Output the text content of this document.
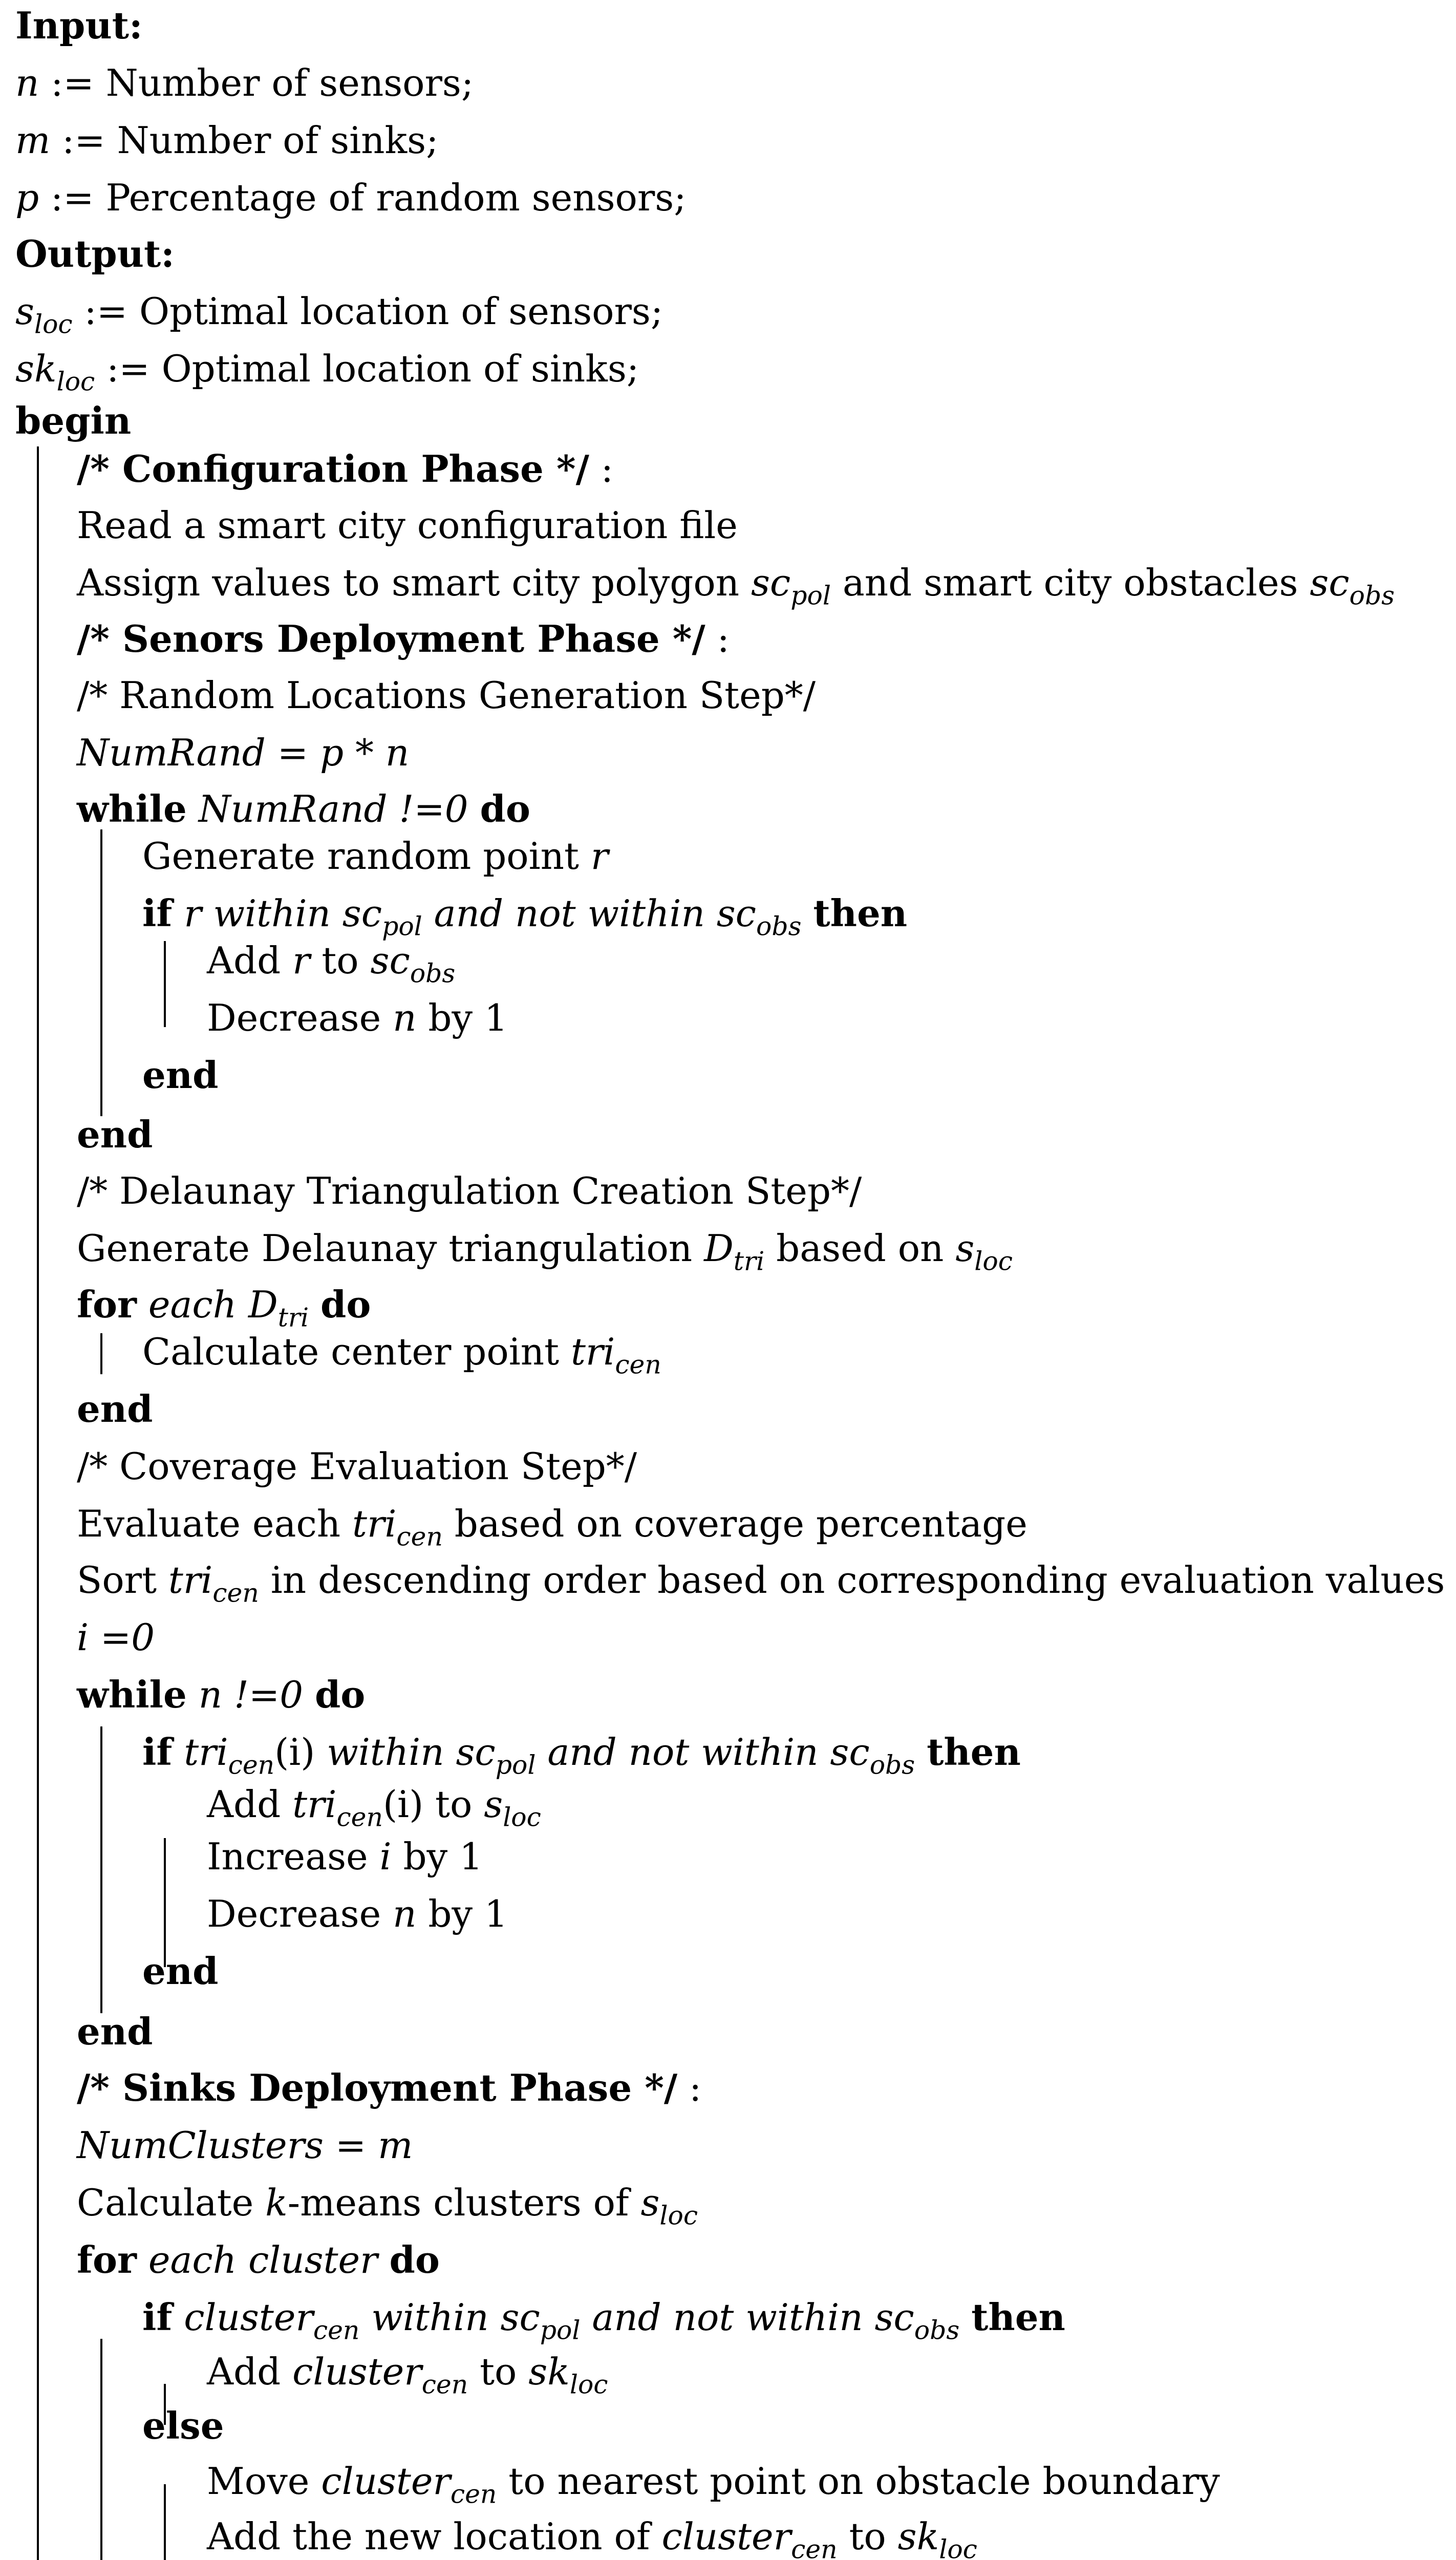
Input:
n := Number of sensors;
m := Number of sinks;
p := Percentage of random sensors;
Output:
$s_{loc}$ := Optimal location of sensors;
$sk_{loc}$ := Optimal location of sinks;
begin
/* Configuration Phase */ :
Read a smart city configuration file
Assign values to smart city polygon $sc_{pol}$ and smart city obstacles $sc_{obs}$
/* Senors Deployment Phase */ :
/* Random Locations Generation Step*/
NumRand = p * n
while NumRand !=0 do
Generate random point r
if r within $sc_{pol}$ and not within $sc_{obs}$ then
Add r to $sc_{obs}$
Decrease n by 1
end
end
/* Delaunay Triangulation Creation Step*/
Generate Delaunay triangulation $D_{tri}$ based on $s_{loc}$
for each $D_{tri}$ do
Calculate center point tri$_{cen}$
end
/* Coverage Evaluation Step*/
Evaluate each tri$_{cen}$ based on coverage percentage
Sort tri$_{cen}$ in descending order based on corresponding evaluation values
i =0
while n !=0 do
if tri$_{cen}$(i) within $sc_{pol}$ and not within $sc_{obs}$ then
Add tri$_{cen}$(i) to $s_{loc}$
Increase i by 1
Decrease n by 1
end
end
/* Sinks Deployment Phase */ :
NumClusters = m
Calculate k-means clusters of $s_{loc}$
for each cluster do
if cluster$_{cen}$ within $sc_{pol}$ and not within $sc_{obs}$ then
Add cluster$_{cen}$ to $sk_{loc}$
else
Move cluster$_{cen}$ to nearest point on obstacle boundary
Add the new location of cluster$_{cen}$ to $sk_{loc}$
